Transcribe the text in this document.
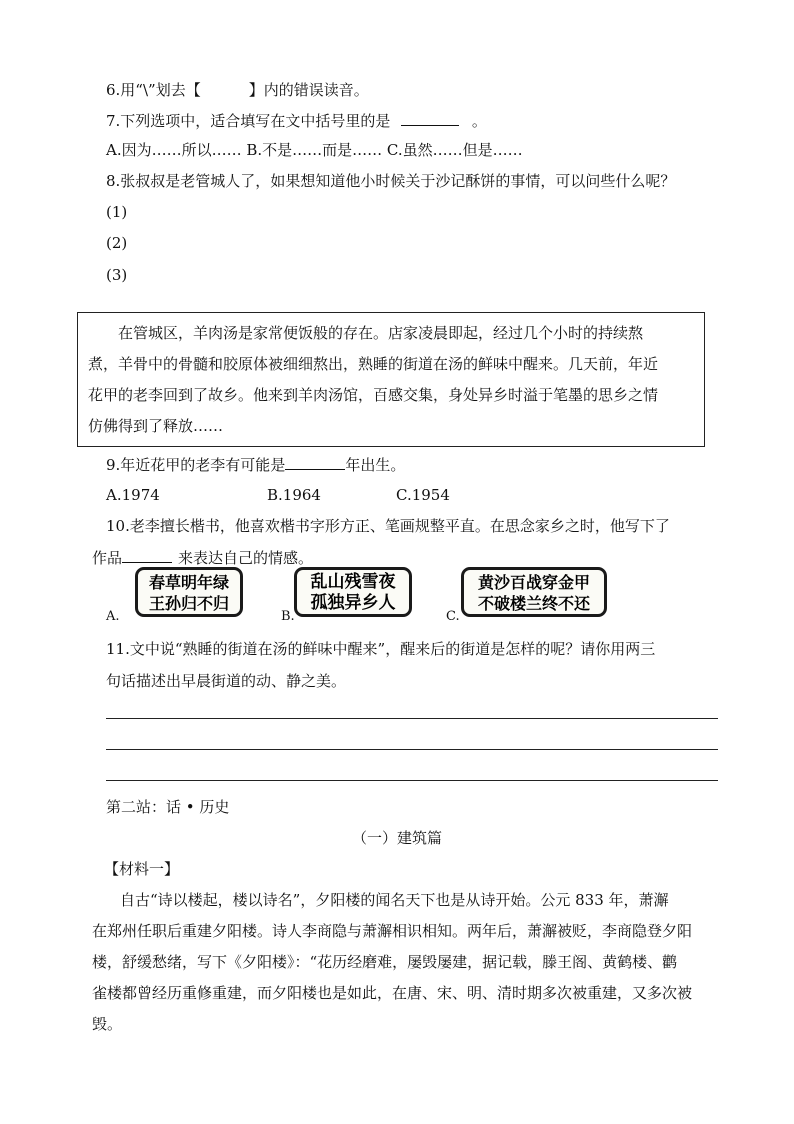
6.用“\”划去【	】内的错误读音。
7.下列选项中，适合填写在文中括号里的是	。
A.因为……所以…… B.不是……而是…… C.虽然……但是……
8.张叔叔是老管城人了，如果想知道他小时候关于沙记酥饼的事情，可以问些什么呢？
(1)
(2)
(3)
在管城区，羊肉汤是家常便饭般的存在。店家凌晨即起，经过几个小时的持续熬
煮，羊骨中的骨髓和胶原体被细细熬出，熟睡的街道在汤的鲜味中醒来。几天前，年近
花甲的老李回到了故乡。他来到羊肉汤馆，百感交集，身处异乡时溢于笔墨的思乡之情
仿佛得到了释放……
9.年近花甲的老李有可能是	年出生。
A.1974	B.1964	C.1954
10.老李擅长楷书，他喜欢楷书字形方正、笔画规整平直。在思念家乡之时，他写下了
作品	来表达自己的情感。
A.
春草明年绿
王孙归不归
B.
乱山残雪夜
孤独异乡人
C.
黄沙百战穿金甲
不破楼兰终不还
11.文中说“熟睡的街道在汤的鲜味中醒来”，醒来后的街道是怎样的呢？请你用两三
句话描述出早晨街道的动、静之美。
第二站：话 • 历史
（一）建筑篇
【材料一】
自古“诗以楼起，楼以诗名”，夕阳楼的闻名天下也是从诗开始。公元 833 年，萧澥
在郑州任职后重建夕阳楼。诗人李商隐与萧澥相识相知。两年后，萧澥被贬，李商隐登夕阳
楼，舒缓愁绪，写下《夕阳楼》：“花历经磨难，屡毁屡建，据记载，滕王阁、黄鹤楼、鹳
雀楼都曾经历重修重建，而夕阳楼也是如此，在唐、宋、明、清时期多次被重建，又多次被
毁。
